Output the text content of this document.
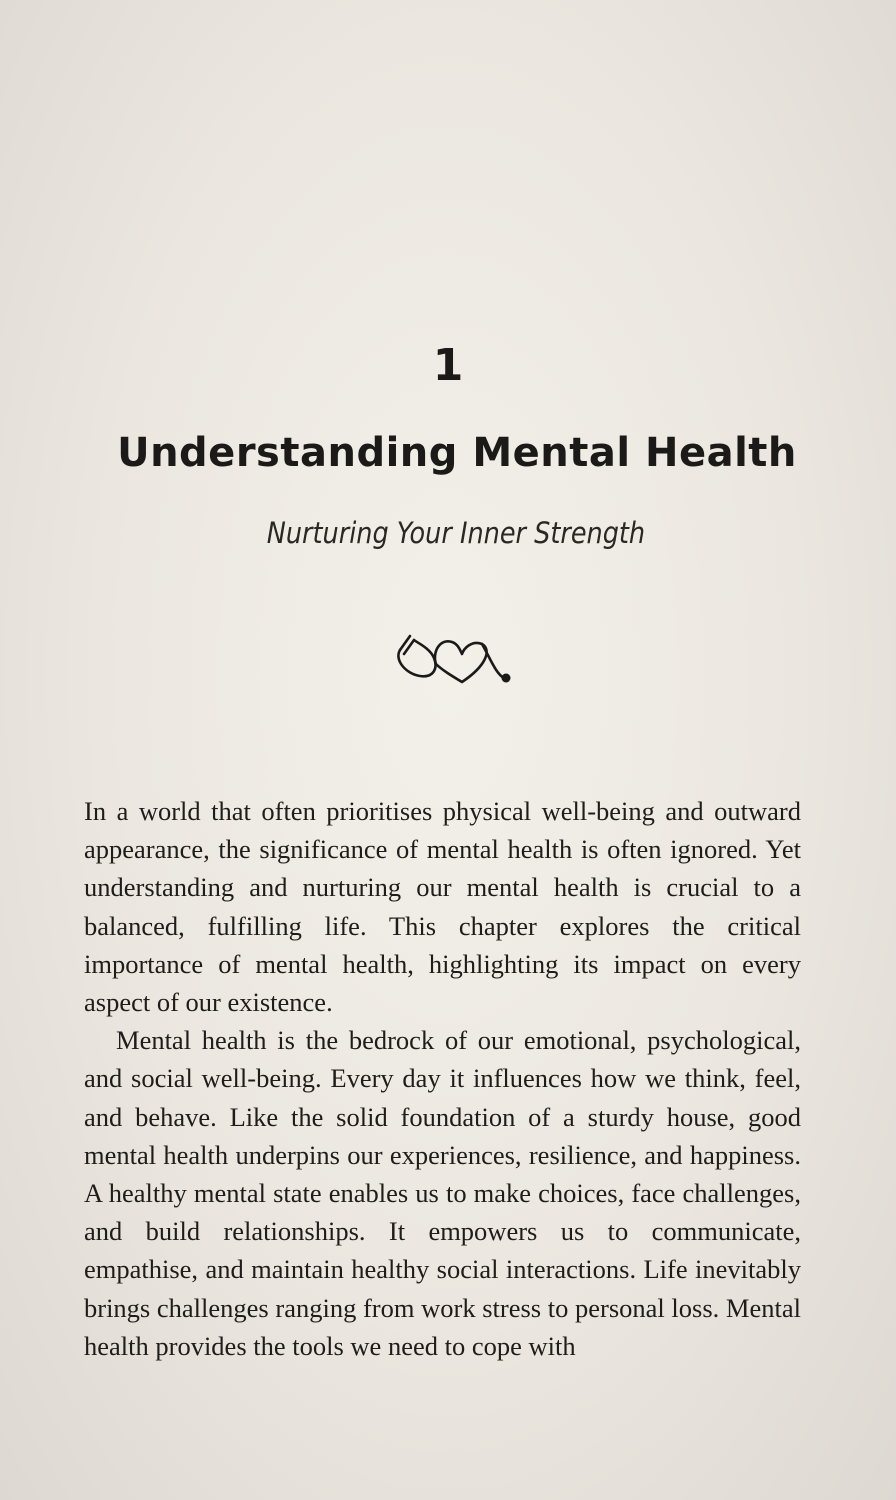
1
Understanding Mental Health
Nurturing Your Inner Strength

In a world that often prioritises physical well-being and outward appearance, the significance of mental health is often ignored. Yet understanding and nurturing our mental health is crucial to a balanced, fulfilling life. This chapter explores the critical importance of mental health, highlighting its impact on every aspect of our existence.

Mental health is the bedrock of our emotional, psychological, and social well-being. Every day it influences how we think, feel, and behave. Like the solid foundation of a sturdy house, good mental health underpins our experiences, resilience, and happiness. A healthy mental state enables us to make choices, face challenges, and build relationships. It empowers us to communicate, empathise, and maintain healthy social interactions. Life inevitably brings challenges ranging from work stress to personal loss. Mental health provides the tools we need to cope with
